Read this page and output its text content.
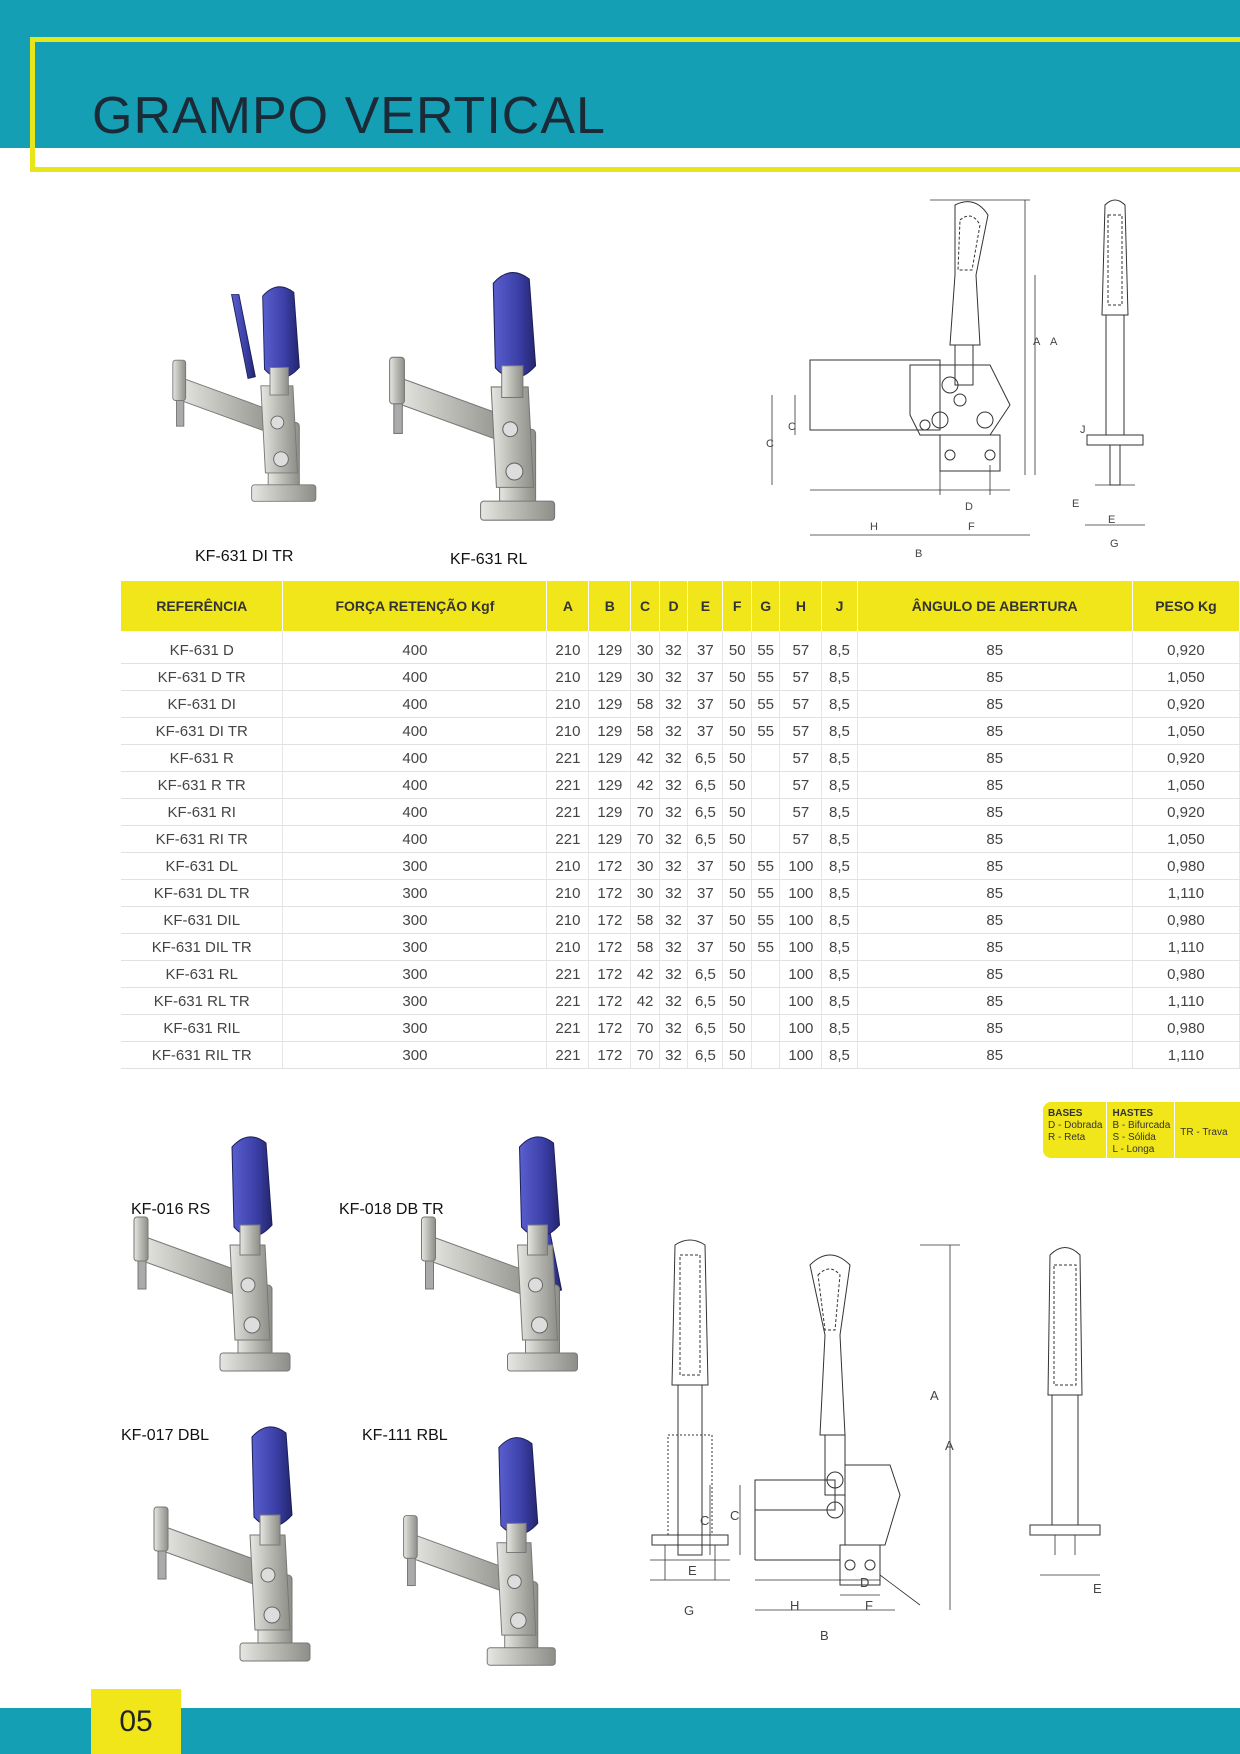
GRAMPO VERTICAL
KF-631 DI TR	KF-631 RL
A A
C
C
D
F
H
B
J
E
E
G
REFERÊNCIA	FORÇA RETENÇÃO Kgf	A	B	C	D	E	F	G	H	J	ÂNGULO DE ABERTURA	PESO Kg
KF-631 D	400	210	129	30	32	37	50	55	57	8,5	85	0,920
KF-631 D TR	400	210	129	30	32	37	50	55	57	8,5	85	1,050
KF-631 DI	400	210	129	58	32	37	50	55	57	8,5	85	0,920
KF-631 DI TR	400	210	129	58	32	37	50	55	57	8,5	85	1,050
KF-631 R	400	221	129	42	32	6,5	50		57	8,5	85	0,920
KF-631 R TR	400	221	129	42	32	6,5	50		57	8,5	85	1,050
KF-631 RI	400	221	129	70	32	6,5	50		57	8,5	85	0,920
KF-631 RI TR	400	221	129	70	32	6,5	50		57	8,5	85	1,050
KF-631 DL	300	210	172	30	32	37	50	55	100	8,5	85	0,980
KF-631 DL TR	300	210	172	30	32	37	50	55	100	8,5	85	1,110
KF-631 DIL	300	210	172	58	32	37	50	55	100	8,5	85	0,980
KF-631 DIL TR	300	210	172	58	32	37	50	55	100	8,5	85	1,110
KF-631 RL	300	221	172	42	32	6,5	50		100	8,5	85	0,980
KF-631 RL TR	300	221	172	42	32	6,5	50		100	8,5	85	1,110
KF-631 RIL	300	221	172	70	32	6,5	50		100	8,5	85	0,980
KF-631 RIL TR	300	221	172	70	32	6,5	50		100	8,5	85	1,110
BASES
D - Dobrada
R - Reta
HASTES
B - Bifurcada
S - Sólida
L - Longa
TR - Trava
KF-016 RS	KF-018 DB TR
KF-017 DBL	KF-111 RBL
E
G
C C
H	F
D
B
A
A
E
05
